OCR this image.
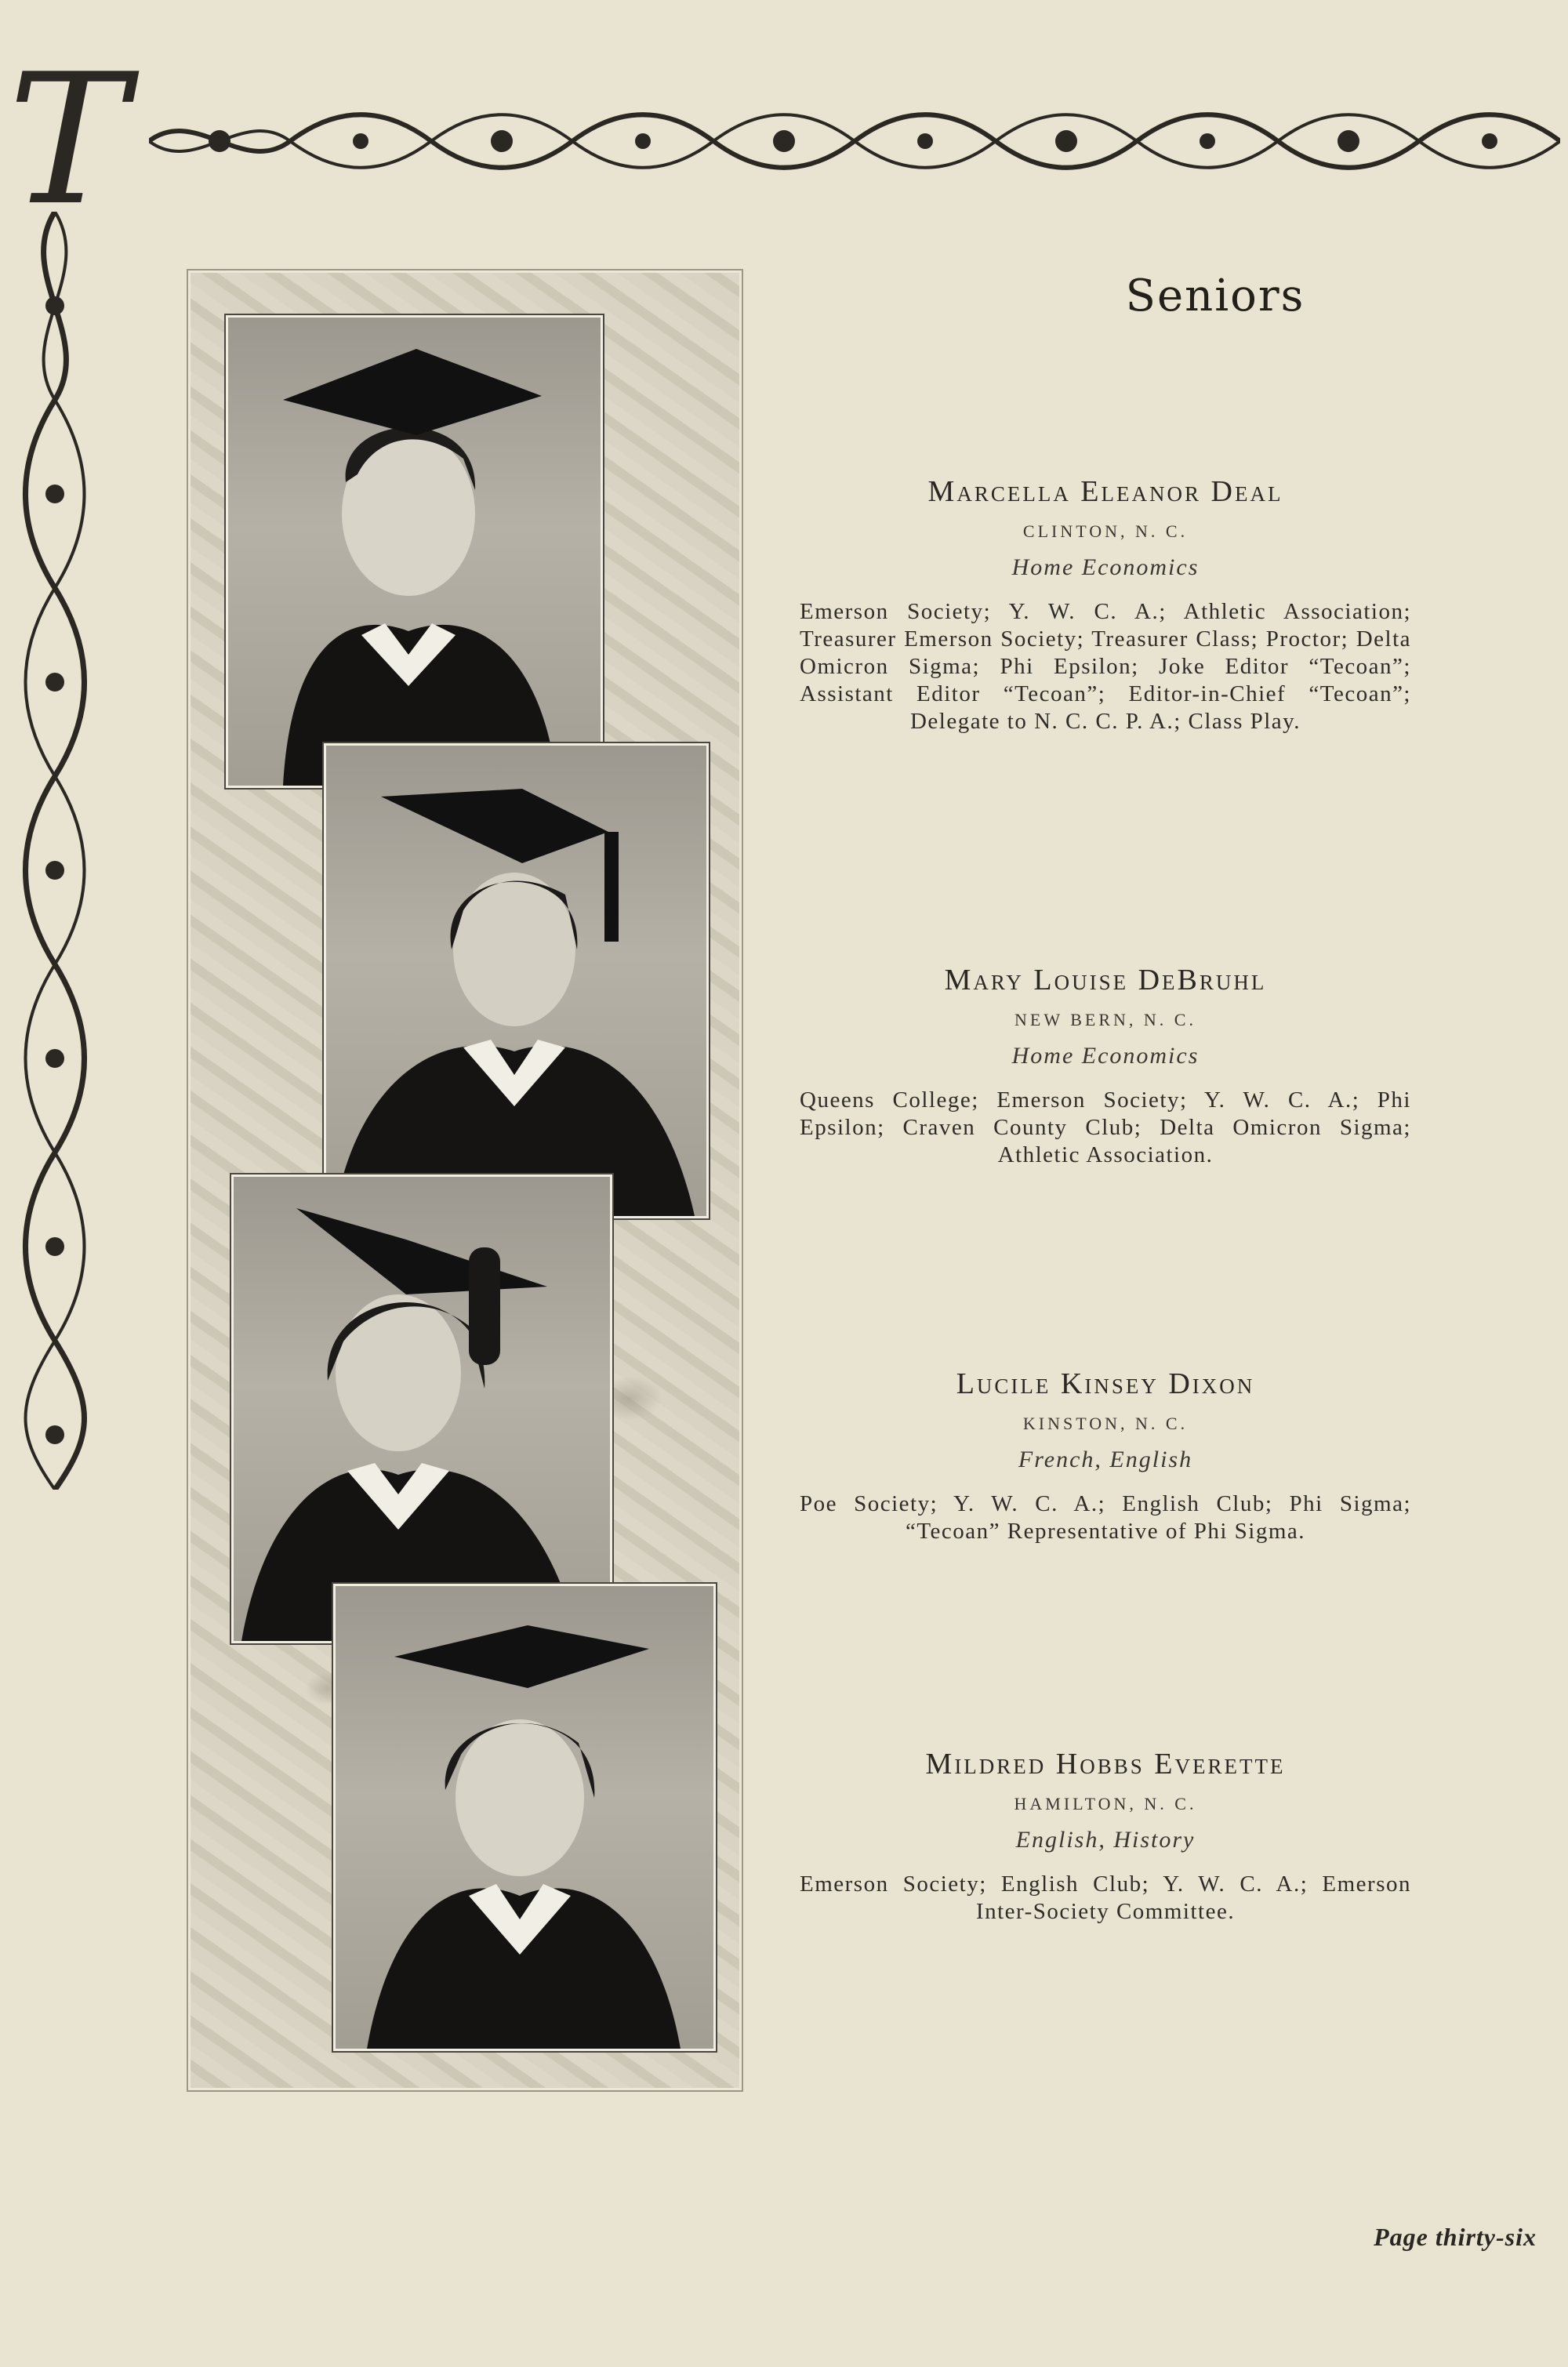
T
Seniors

Marcella Eleanor Deal

CLINTON, N. C.
Home Economics
Emerson Society; Y. W. C. A.; Athletic Association; Treasurer Emerson Society; Treasurer Class; Proctor; Delta Omicron Sigma; Phi Epsilon; Joke Editor “Tecoan”; Assistant Editor “Tecoan”; Editor-in-Chief “Tecoan”; Delegate to N. C. C. P. A.; Class Play.

Mary Louise DeBruhl

NEW BERN, N. C.
Home Economics
Queens College; Emerson Society; Y. W. C. A.; Phi Epsilon; Craven County Club; Delta Omicron Sigma; Athletic Association.

Lucile Kinsey Dixon

KINSTON, N. C.
French, English
Poe Society; Y. W. C. A.; English Club; Phi Sigma; “Tecoan” Representative of Phi Sigma.

Mildred Hobbs Everette

HAMILTON, N. C.
English, History
Emerson Society; English Club; Y. W. C. A.; Emerson Inter-Society Committee.
Page thirty-six
